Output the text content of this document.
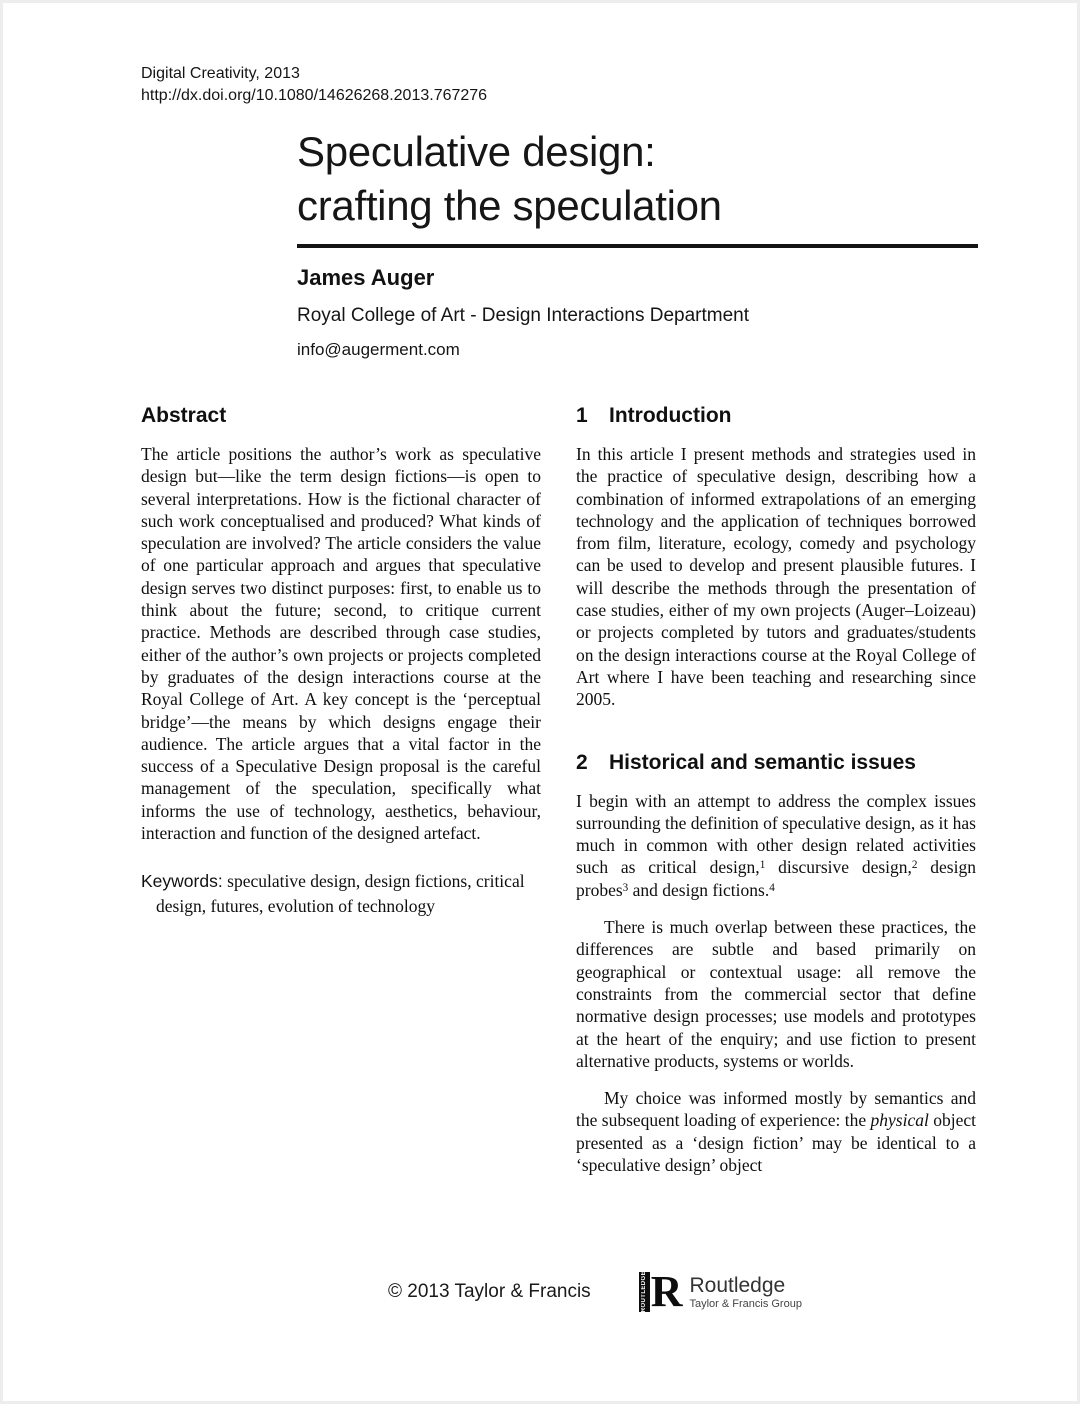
Digital Creativity, 2013
http://dx.doi.org/10.1080/14626268.2013.767276
Speculative design:
crafting the speculation
James Auger
Royal College of Art - Design Interactions Department
info@augerment.com
Abstract

The article positions the author’s work as speculative design but—like the term design fictions—is open to several interpretations. How is the fictional character of such work conceptualised and produced? What kinds of speculation are involved? The article considers the value of one particular approach and argues that speculative design serves two distinct purposes: first, to enable us to think about the future; second, to critique current practice. Methods are described through case studies, either of the author’s own projects or projects completed by graduates of the design interactions course at the Royal College of Art. A key concept is the ‘perceptual bridge’—the means by which designs engage their audience. The article argues that a vital factor in the success of a Speculative Design proposal is the careful management of the speculation, specifically what informs the use of technology, aesthetics, behaviour, interaction and function of the designed artefact.

Keywords: speculative design, design fictions, critical design, futures, evolution of technology

1	Introduction

In this article I present methods and strategies used in the practice of speculative design, describing how a combination of informed extrapolations of an emerging technology and the application of techniques borrowed from film, literature, ecology, comedy and psychology can be used to develop and present plausible futures. I will describe the methods through the presentation of case studies, either of my own projects (Auger–Loizeau) or projects completed by tutors and graduates/students on the design interactions course at the Royal College of Art where I have been teaching and researching since 2005.

2	Historical and semantic issues

I begin with an attempt to address the complex issues surrounding the definition of speculative design, as it has much in common with other design related activities such as critical design,$^1$ discursive design,$^2$ design probes$^3$ and design fictions.$^4$

There is much overlap between these practices, the differences are subtle and based primarily on geographical or contextual usage: all remove the constraints from the commercial sector that define normative design processes; use models and prototypes at the heart of the enquiry; and use fiction to present alternative products, systems or worlds.

My choice was informed mostly by semantics and the subsequent loading of experience: the physical object presented as a ‘design fiction’ may be identical to a ‘speculative design’ object

© 2013 Taylor & Francis	ROUTLEDGE R Routledge
Taylor & Francis Group
